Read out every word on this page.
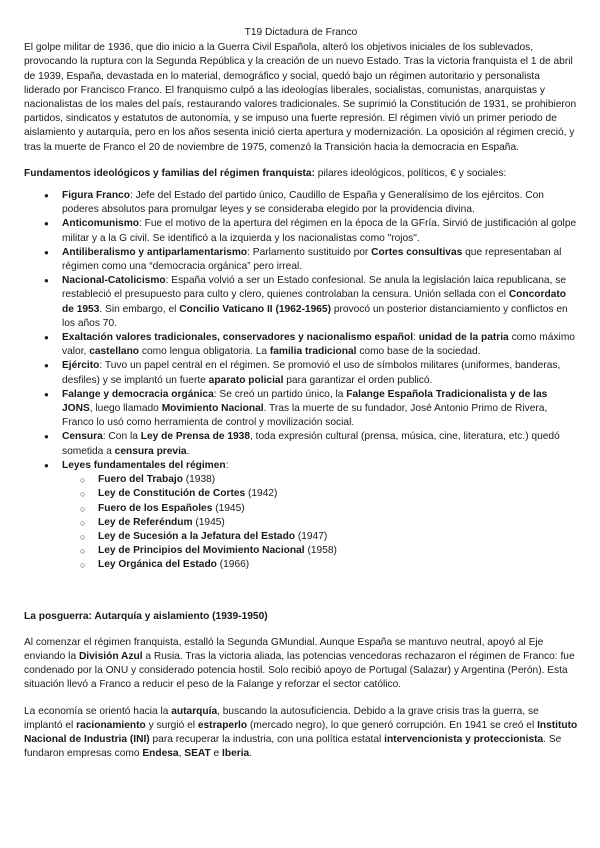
T19 Dictadura de Franco

El golpe militar de 1936, que dio inicio a la Guerra Civil Española, alteró los objetivos iniciales de los sublevados, provocando la ruptura con la Segunda República y la creación de un nuevo Estado. Tras la victoria franquista el 1 de abril de 1939, España, devastada en lo material, demográfico y social, quedó bajo un régimen autoritario y personalista liderado por Francisco Franco. El franquismo culpó a las ideologías liberales, socialistas, comunistas, anarquistas y nacionalistas de los males del país, restaurando valores tradicionales. Se suprimió la Constitución de 1931, se prohibieron partidos, sindicatos y estatutos de autonomía, y se impuso una fuerte represión. El régimen vivió un primer periodo de aislamiento y autarquía, pero en los años sesenta inició cierta apertura y modernización. La oposición al régimen creció, y tras la muerte de Franco el 20 de noviembre de 1975, comenzó la Transición hacia la democracia en España.

Fundamentos ideológicos y familias del régimen franquista: pilares ideológicos, políticos, € y sociales:

● Figura Franco: Jefe del Estado del partido único, Caudillo de España y Generalísimo de los ejércitos. Con poderes absolutos para promulgar leyes y se consideraba elegido por la providencia divina.
● Anticomunismo: Fue el motivo de la apertura del régimen en la época de la GFría. Sirvió de justificación al golpe militar y a la G civil. Se identificó a la izquierda y los nacionalistas como "rojos".
● Antiliberalismo y antiparlamentarismo: Parlamento sustituido por Cortes consultivas que representaban al régimen como una “democracia orgánica” pero irreal.
● Nacional-Catolicismo: España volvió a ser un Estado confesional. Se anula la legislación laica republicana, se restableció el presupuesto para culto y clero, quienes controlaban la censura. Unión sellada con el Concordato de 1953. Sin embargo, el Concilio Vaticano II (1962-1965) provocó un posterior distanciamiento y conflictos en los años 70.
● Exaltación valores tradicionales, conservadores y nacionalismo español: unidad de la patria como máximo valor, castellano como lengua obligatoria. La familia tradicional como base de la sociedad.
● Ejército: Tuvo un papel central en el régimen. Se promovió el uso de símbolos militares (uniformes, banderas, desfiles) y se implantó un fuerte aparato policial para garantizar el orden publicó.
● Falange y democracia orgánica: Se creó un partido único, la Falange Española Tradicionalista y de las JONS, luego llamado Movimiento Nacional. Tras la muerte de su fundador, José Antonio Primo de Rivera, Franco lo usó como herramienta de control y movilización social.
● Censura: Con la Ley de Prensa de 1938, toda expresión cultural (prensa, música, cine, literatura, etc.) quedó sometida a censura previa.
● Leyes fundamentales del régimen:
○ Fuero del Trabajo (1938)
○ Ley de Constitución de Cortes (1942)
○ Fuero de los Españoles (1945)
○ Ley de Referéndum (1945)
○ Ley de Sucesión a la Jefatura del Estado (1947)
○ Ley de Principios del Movimiento Nacional (1958)
○ Ley Orgánica del Estado (1966)

La posguerra: Autarquía y aislamiento (1939-1950)

Al comenzar el régimen franquista, estalló la Segunda GMundial. Aunque España se mantuvo neutral, apoyó al Eje enviando la División Azul a Rusia. Tras la victoria aliada, las potencias vencedoras rechazaron el régimen de Franco: fue condenado por la ONU y considerado potencia hostil. Solo recibió apoyo de Portugal (Salazar) y Argentina (Perón). Esta situación llevó a Franco a reducir el peso de la Falange y reforzar el sector católico.

La economía se orientó hacia la autarquía, buscando la autosuficiencia. Debido a la grave crisis tras la guerra, se implantó el racionamiento y surgió el estraperlo (mercado negro), lo que generó corrupción. En 1941 se creó el Instituto Nacional de Industria (INI) para recuperar la industria, con una política estatal intervencionista y proteccionista. Se fundaron empresas como Endesa, SEAT e Iberia.
